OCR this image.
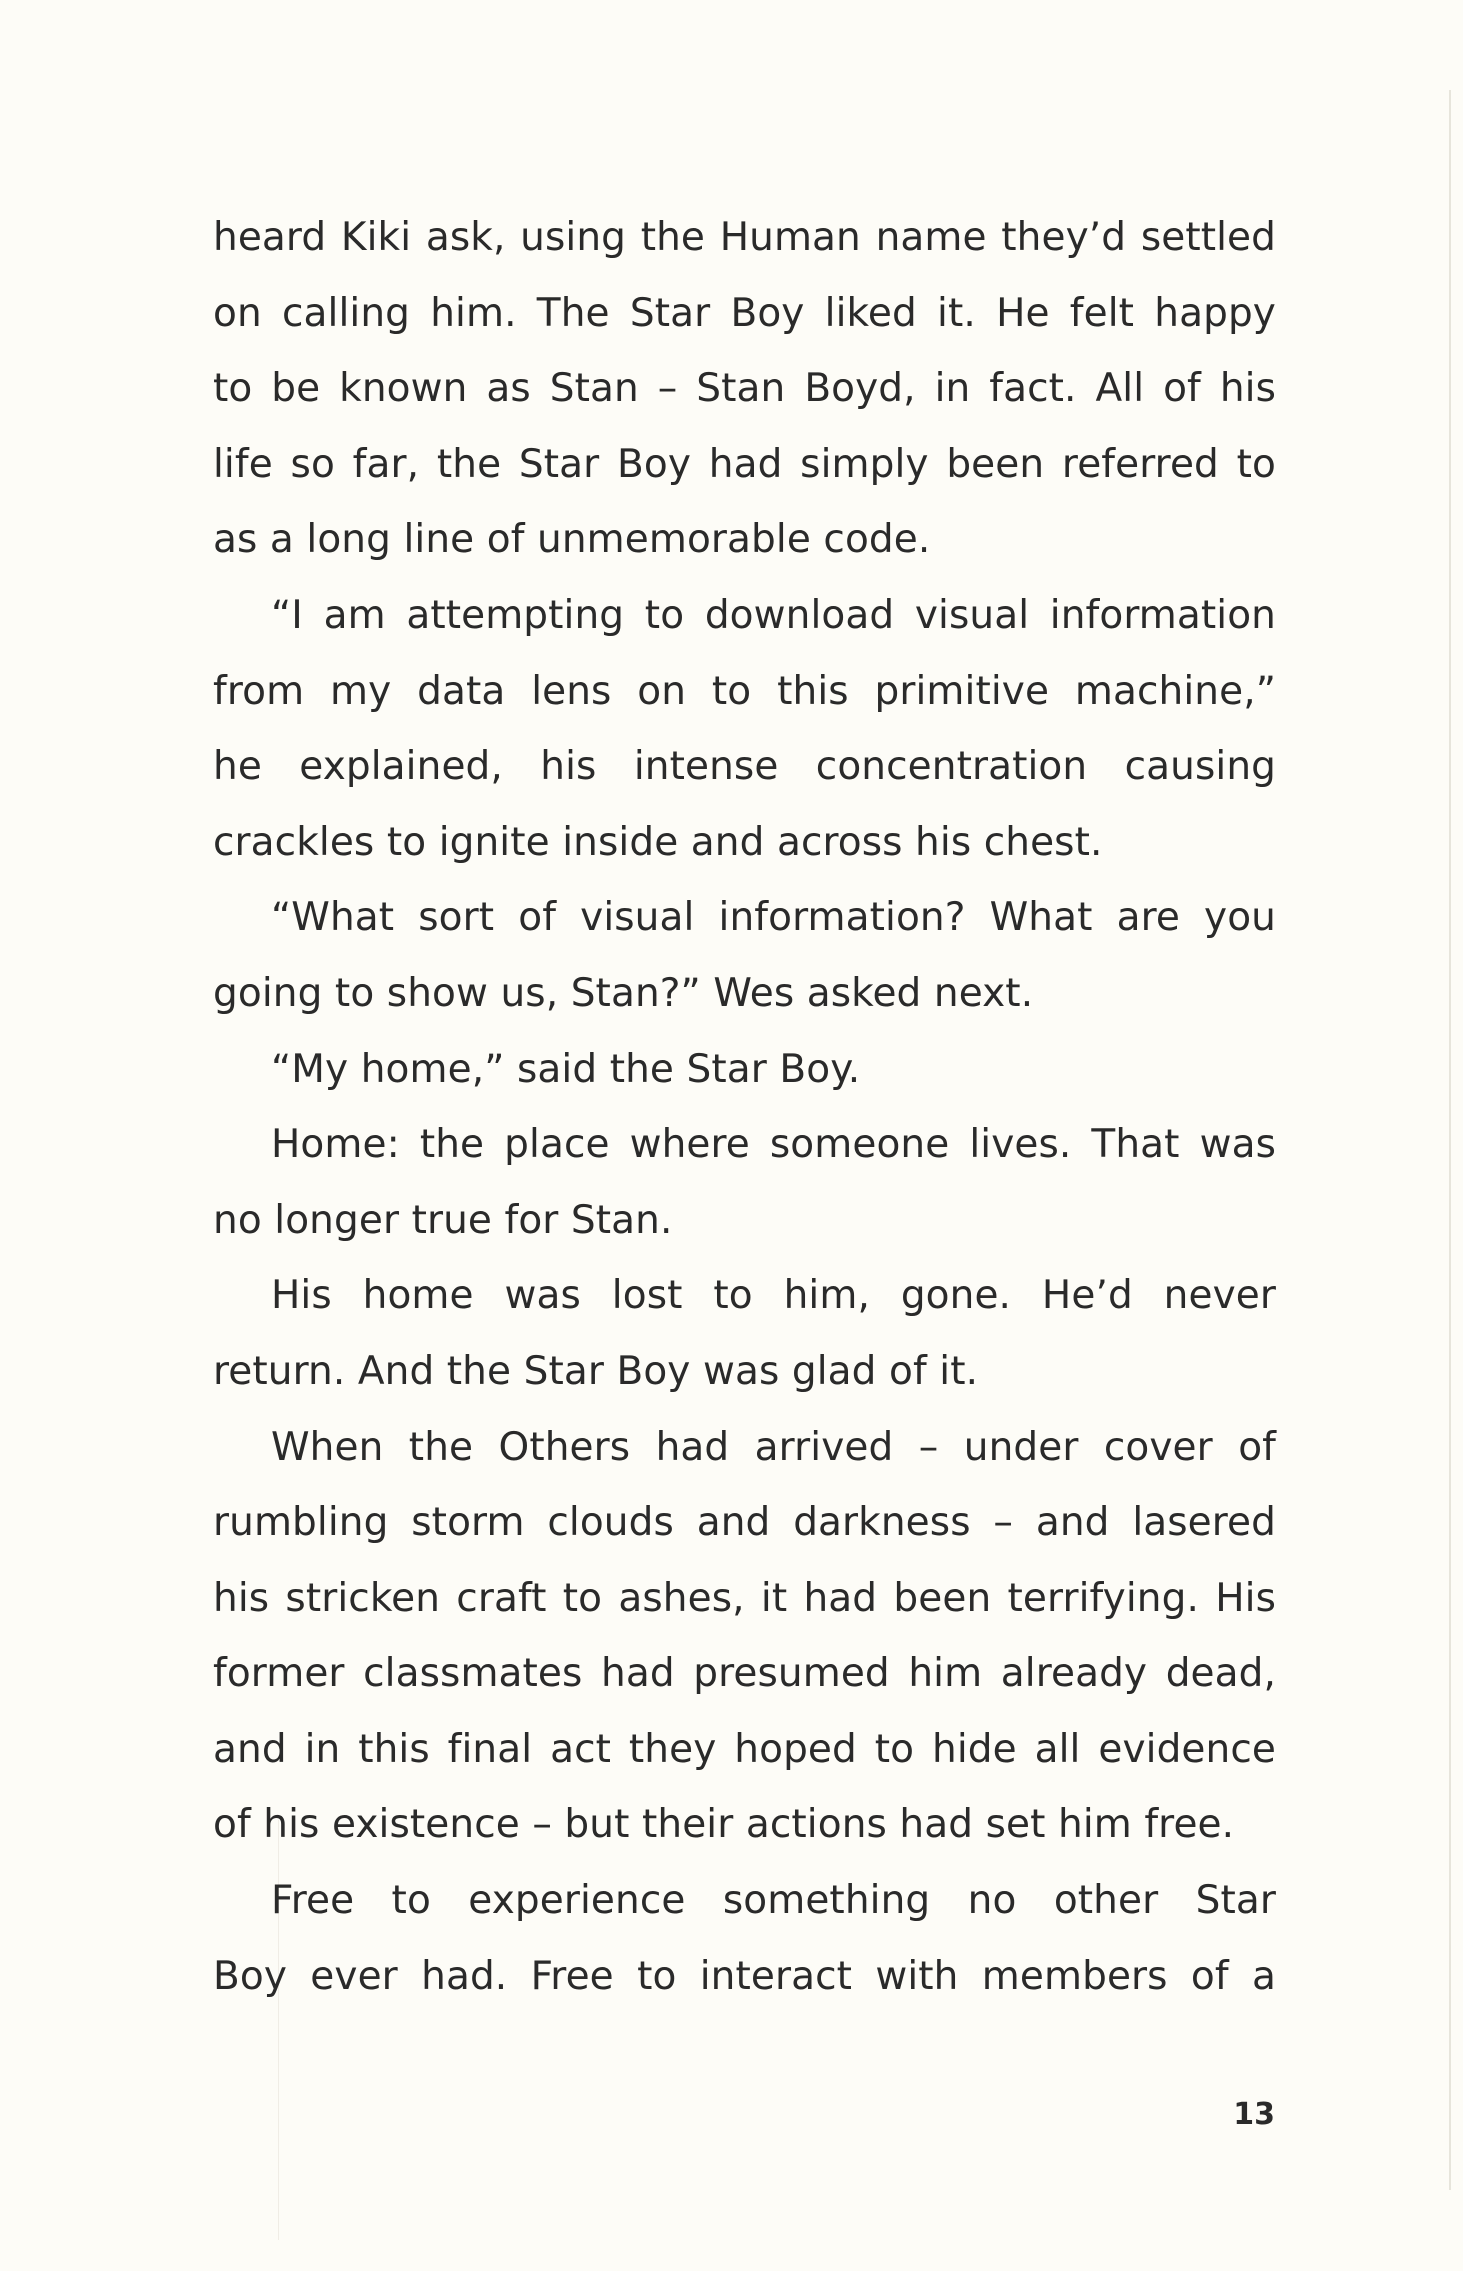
heard Kiki ask, using the Human name they’d settled
on calling him. The Star Boy liked it. He felt happy
to be known as Stan – Stan Boyd, in fact. All of his
life so far, the Star Boy had simply been referred to
as a long line of unmemorable code.
“I am attempting to download visual information
from my data lens on to this primitive machine,”
he explained, his intense concentration causing
crackles to ignite inside and across his chest.
“What sort of visual information? What are you
going to show us, Stan?” Wes asked next.
“My home,” said the Star Boy.
Home: the place where someone lives. That was
no longer true for Stan.
His home was lost to him, gone. He’d never
return. And the Star Boy was glad of it.
When the Others had arrived – under cover of
rumbling storm clouds and darkness – and lasered
his stricken craft to ashes, it had been terrifying. His
former classmates had presumed him already dead,
and in this final act they hoped to hide all evidence
of his existence – but their actions had set him free.
Free to experience something no other Star
Boy ever had. Free to interact with members of a
13
